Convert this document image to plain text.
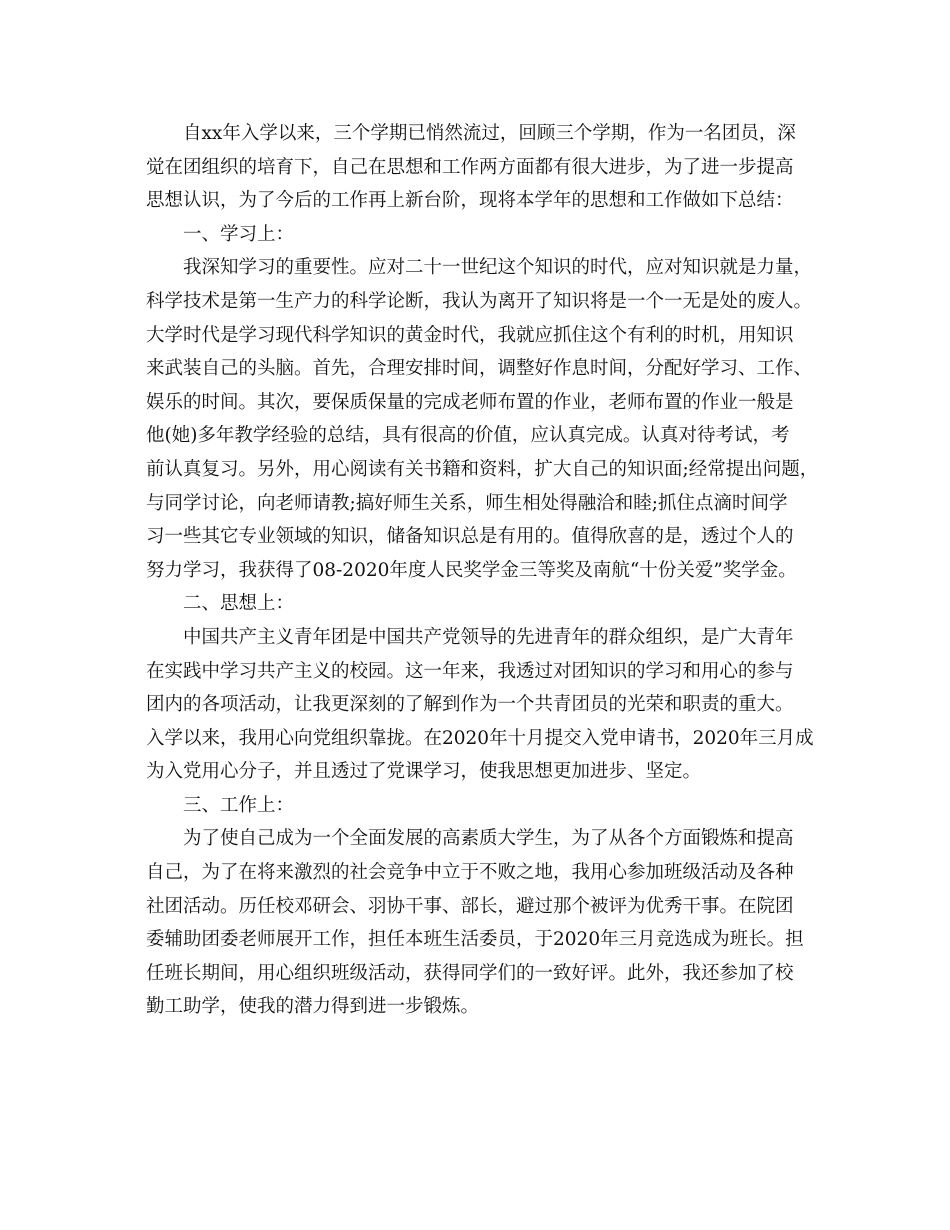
自xx年入学以来，三个学期已悄然流过，回顾三个学期，作为一名团员，深
觉在团组织的培育下，自己在思想和工作两方面都有很大进步，为了进一步提高
思想认识，为了今后的工作再上新台阶，现将本学年的思想和工作做如下总结：
一、学习上：
我深知学习的重要性。应对二十一世纪这个知识的时代，应对知识就是力量，
科学技术是第一生产力的科学论断，我认为离开了知识将是一个一无是处的废人。
大学时代是学习现代科学知识的黄金时代，我就应抓住这个有利的时机，用知识
来武装自己的头脑。首先，合理安排时间，调整好作息时间，分配好学习、工作、
娱乐的时间。其次，要保质保量的完成老师布置的作业，老师布置的作业一般是
他(她)多年教学经验的总结，具有很高的价值，应认真完成。认真对待考试，考
前认真复习。另外，用心阅读有关书籍和资料，扩大自己的知识面;经常提出问题，
与同学讨论，向老师请教;搞好师生关系，师生相处得融洽和睦;抓住点滴时间学
习一些其它专业领域的知识，储备知识总是有用的。值得欣喜的是，透过个人的
努力学习，我获得了08-2020年度人民奖学金三等奖及南航“十份关爱”奖学金。
二、思想上：
中国共产主义青年团是中国共产党领导的先进青年的群众组织，是广大青年
在实践中学习共产主义的校园。这一年来，我透过对团知识的学习和用心的参与
团内的各项活动，让我更深刻的了解到作为一个共青团员的光荣和职责的重大。
入学以来，我用心向党组织靠拢。在2020年十月提交入党申请书，2020年三月成
为入党用心分子，并且透过了党课学习，使我思想更加进步、坚定。
三、工作上：
为了使自己成为一个全面发展的高素质大学生，为了从各个方面锻炼和提高
自己，为了在将来激烈的社会竞争中立于不败之地，我用心参加班级活动及各种
社团活动。历任校邓研会、羽协干事、部长，避过那个被评为优秀干事。在院团
委辅助团委老师展开工作，担任本班生活委员，于2020年三月竞选成为班长。担
任班长期间，用心组织班级活动，获得同学们的一致好评。此外，我还参加了校
勤工助学，使我的潜力得到进一步锻炼。
